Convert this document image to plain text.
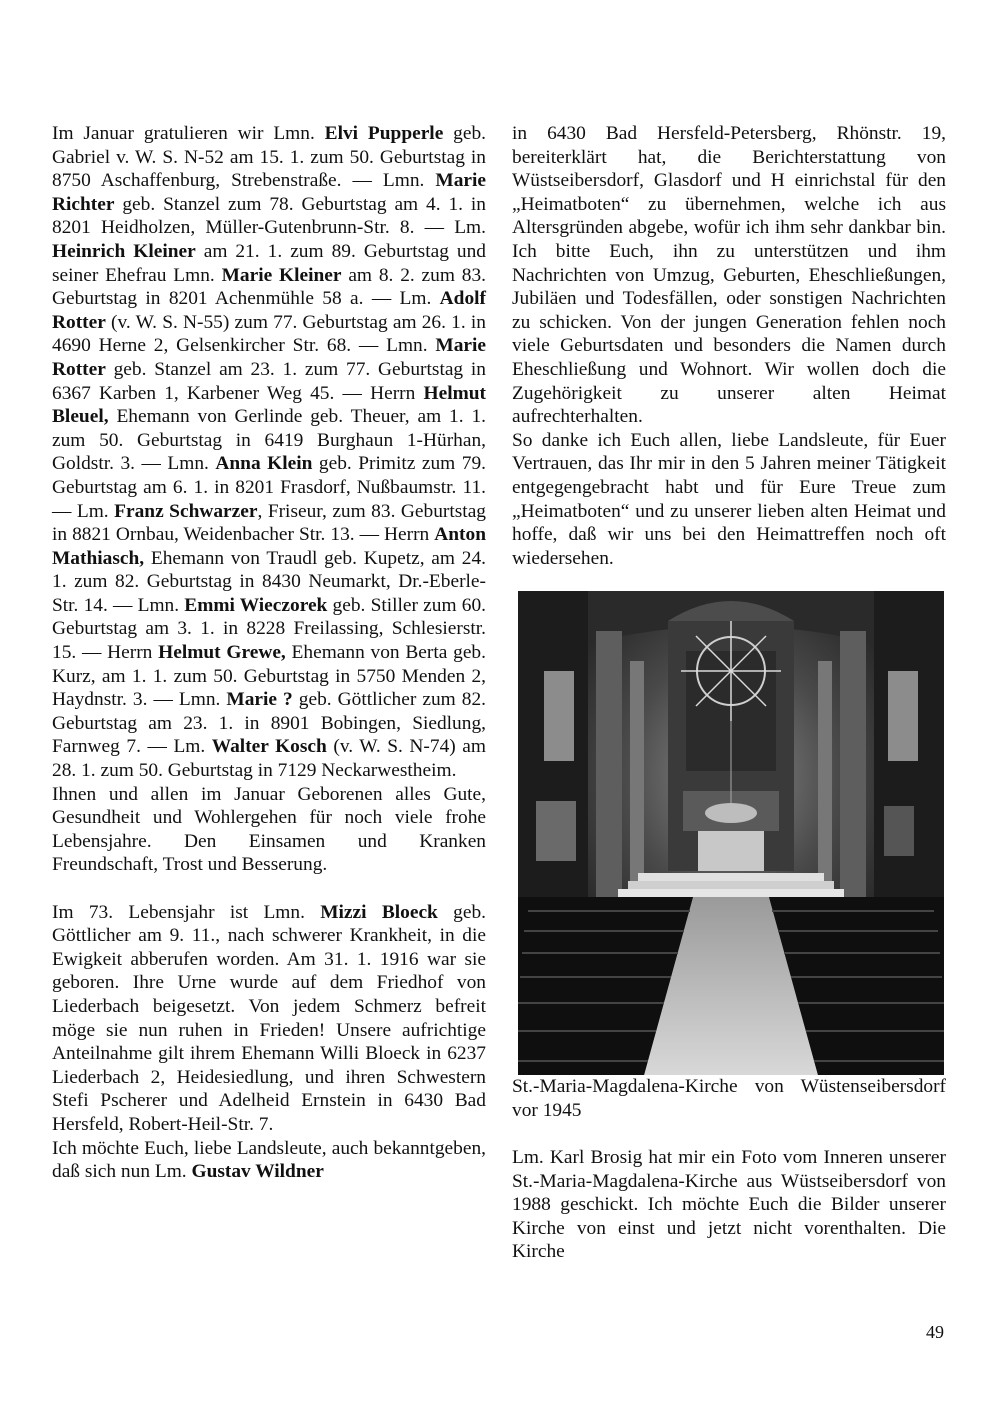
Im Januar gratulieren wir Lmn. Elvi Pupperle geb. Gabriel v. W. S. N-52 am 15. 1. zum 50. Geburtstag in 8750 Aschaffenburg, Strebenstraße. — Lmn. Marie Richter geb. Stanzel zum 78. Geburtstag am 4. 1. in 8201 Heidholzen, Müller-Gutenbrunn-Str. 8. — Lm. Heinrich Kleiner am 21. 1. zum 89. Geburtstag und seiner Ehefrau Lmn. Marie Kleiner am 8. 2. zum 83. Geburtstag in 8201 Achenmühle 58 a. — Lm. Adolf Rotter (v. W. S. N-55) zum 77. Geburtstag am 26. 1. in 4690 Herne 2, Gelsenkircher Str. 68. — Lmn. Marie Rotter geb. Stanzel am 23. 1. zum 77. Geburtstag in 6367 Karben 1, Karbener Weg 45. — Herrn Helmut Bleuel, Ehemann von Gerlinde geb. Theuer, am 1. 1. zum 50. Geburtstag in 6419 Burghaun 1-Hürhan, Goldstr. 3. — Lmn. Anna Klein geb. Primitz zum 79. Geburtstag am 6. 1. in 8201 Frasdorf, Nußbaumstr. 11. — Lm. Franz Schwarzer, Friseur, zum 83. Geburtstag in 8821 Ornbau, Weidenbacher Str. 13. — Herrn Anton Mathiasch, Ehemann von Traudl geb. Kupetz, am 24. 1. zum 82. Geburtstag in 8430 Neumarkt, Dr.-Eberle-Str. 14. — Lmn. Emmi Wieczorek geb. Stiller zum 60. Geburtstag am 3. 1. in 8228 Freilassing, Schlesierstr. 15. — Herrn Helmut Grewe, Ehemann von Berta geb. Kurz, am 1. 1. zum 50. Geburtstag in 5750 Menden 2, Haydnstr. 3. — Lmn. Marie ? geb. Göttlicher zum 82. Geburtstag am 23. 1. in 8901 Bobingen, Siedlung, Farnweg 7. — Lm. Walter Kosch (v. W. S. N-74) am 28. 1. zum 50. Geburtstag in 7129 Neckarwestheim.

Ihnen und allen im Januar Geborenen alles Gute, Gesundheit und Wohlergehen für noch viele frohe Lebensjahre. Den Einsamen und Kranken Freundschaft, Trost und Besserung.

Im 73. Lebensjahr ist Lmn. Mizzi Bloeck geb. Göttlicher am 9. 11., nach schwerer Krankheit, in die Ewigkeit abberufen worden. Am 31. 1. 1916 war sie geboren. Ihre Urne wurde auf dem Friedhof von Liederbach beigesetzt. Von jedem Schmerz befreit möge sie nun ruhen in Frieden! Unsere aufrichtige Anteilnahme gilt ihrem Ehemann Willi Bloeck in 6237 Liederbach 2, Heidesiedlung, und ihren Schwestern Stefi Pscherer und Adelheid Ernstein in 6430 Bad Hersfeld, Robert-Heil-Str. 7.

Ich möchte Euch, liebe Landsleute, auch bekanntgeben, daß sich nun Lm. Gustav Wildner

in 6430 Bad Hersfeld-Petersberg, Rhönstr. 19, bereiterklärt hat, die Berichterstattung von Wüstseibersdorf, Glasdorf und H einrichstal für den „Heimatboten“ zu übernehmen, welche ich aus Altersgründen abgebe, wofür ich ihm sehr dankbar bin. Ich bitte Euch, ihn zu unterstützen und ihm Nachrichten von Umzug, Geburten, Eheschließungen, Jubiläen und Todesfällen, oder sonstigen Nachrichten zu schicken. Von der jungen Generation fehlen noch viele Geburtsdaten und besonders die Namen durch Eheschließung und Wohnort. Wir wollen doch die Zugehörigkeit zu unserer alten Heimat aufrechterhalten.

So danke ich Euch allen, liebe Landsleute, für Euer Vertrauen, das Ihr mir in den 5 Jahren meiner Tätigkeit entgegengebracht habt und für Eure Treue zum „Heimatboten“ und zu unserer lieben alten Heimat und hoffe, daß wir uns bei den Heimattreffen noch oft wiedersehen.

St.-Maria-Magdalena-Kirche von Wüstenseibersdorf vor 1945

Lm. Karl Brosig hat mir ein Foto vom Inneren unserer St.-Maria-Magdalena-Kirche aus Wüstseibersdorf von 1988 geschickt. Ich möchte Euch die Bilder unserer Kirche von einst und jetzt nicht vorenthalten. Die Kirche

49
